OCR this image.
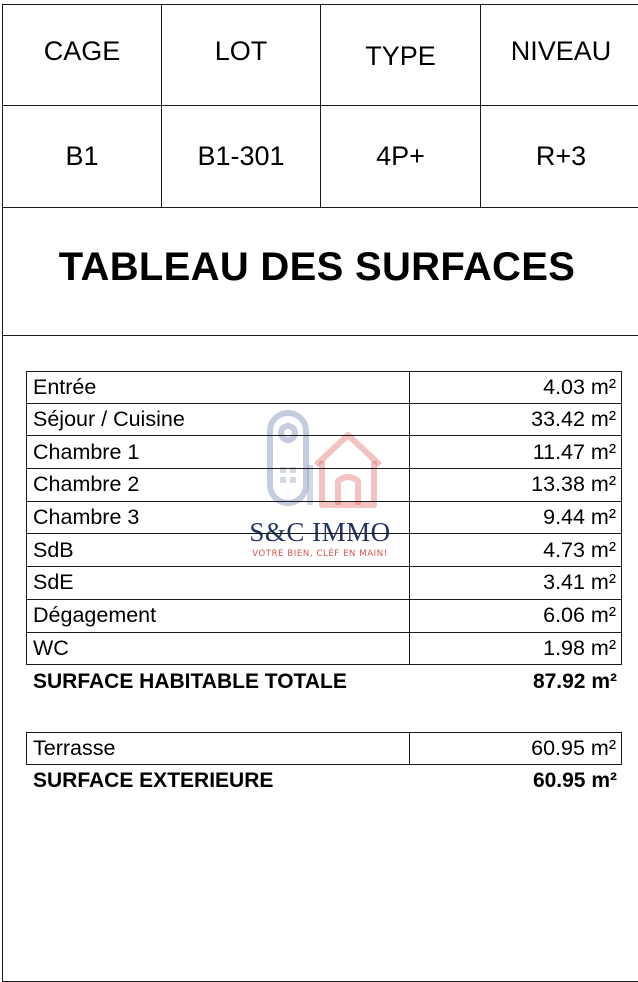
CAGE	LOT	TYPE	NIVEAU
B1	B1-301	4P+	R+3
TABLEAU DES SURFACES
S&C IMMO
VOTRE BIEN, CLÉF EN MAIN!
Entrée	4.03 m²
Séjour / Cuisine	33.42 m²
Chambre 1	11.47 m²
Chambre 2	13.38 m²
Chambre 3	9.44 m²
SdB	4.73 m²
SdE	3.41 m²
Dégagement	6.06 m²
WC	1.98 m²
SURFACE HABITABLE TOTALE	87.92 m²
Terrasse	60.95 m²
SURFACE EXTERIEURE	60.95 m²
